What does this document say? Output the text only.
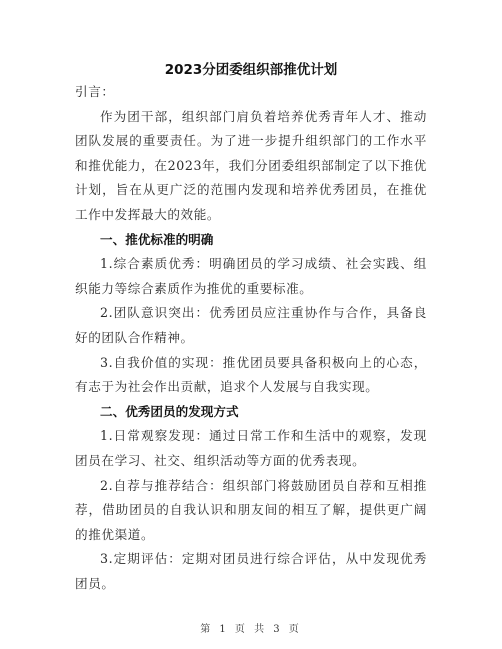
2023分团委组织部推优计划

引言：

作为团干部，组织部门肩负着培养优秀青年人才、推动团队发展的重要责任。为了进一步提升组织部门的工作水平和推优能力，在2023年，我们分团委组织部制定了以下推优计划，旨在从更广泛的范围内发现和培养优秀团员，在推优工作中发挥最大的效能。

一、推优标准的明确

1.综合素质优秀：明确团员的学习成绩、社会实践、组织能力等综合素质作为推优的重要标准。

2.团队意识突出：优秀团员应注重协作与合作，具备良好的团队合作精神。

3.自我价值的实现：推优团员要具备积极向上的心态，有志于为社会作出贡献，追求个人发展与自我实现。

二、优秀团员的发现方式

1.日常观察发现：通过日常工作和生活中的观察，发现团员在学习、社交、组织活动等方面的优秀表现。

2.自荐与推荐结合：组织部门将鼓励团员自荐和互相推荐，借助团员的自我认识和朋友间的相互了解，提供更广阔的推优渠道。

3.定期评估：定期对团员进行综合评估，从中发现优秀团员。

第 1 页 共 3 页
